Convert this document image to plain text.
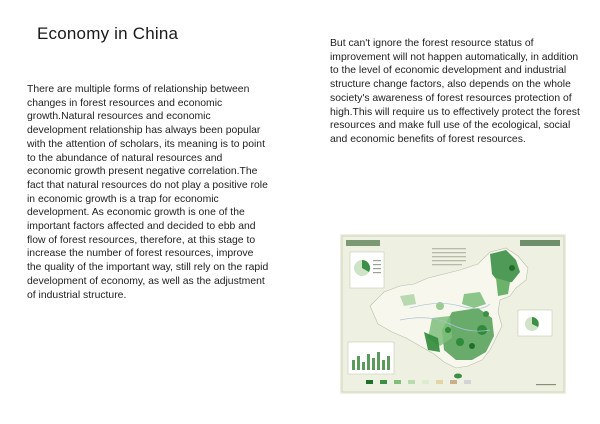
Economy in China

There are multiple forms of relationship between changes in forest resources and economic growth.Natural resources and economic development relationship has always been popular with the attention of scholars, its meaning is to point to the abundance of natural resources and economic growth present negative correlation.The fact that natural resources do not play a positive role in economic growth is a trap for economic development. As economic growth is one of the important factors affected and decided to ebb and flow of forest resources, therefore, at this stage to increase the number of forest resources, improve the quality of the important way, still rely on the rapid development of economy, as well as the adjustment of industrial structure.

But can't ignore the forest resource status of improvement will not happen automatically, in addition to the level of economic development and industrial structure change factors, also depends on the whole society's awareness of forest resources protection of high.This will require us to effectively protect the forest resources and make full use of the ecological, social and economic benefits of forest resources.
